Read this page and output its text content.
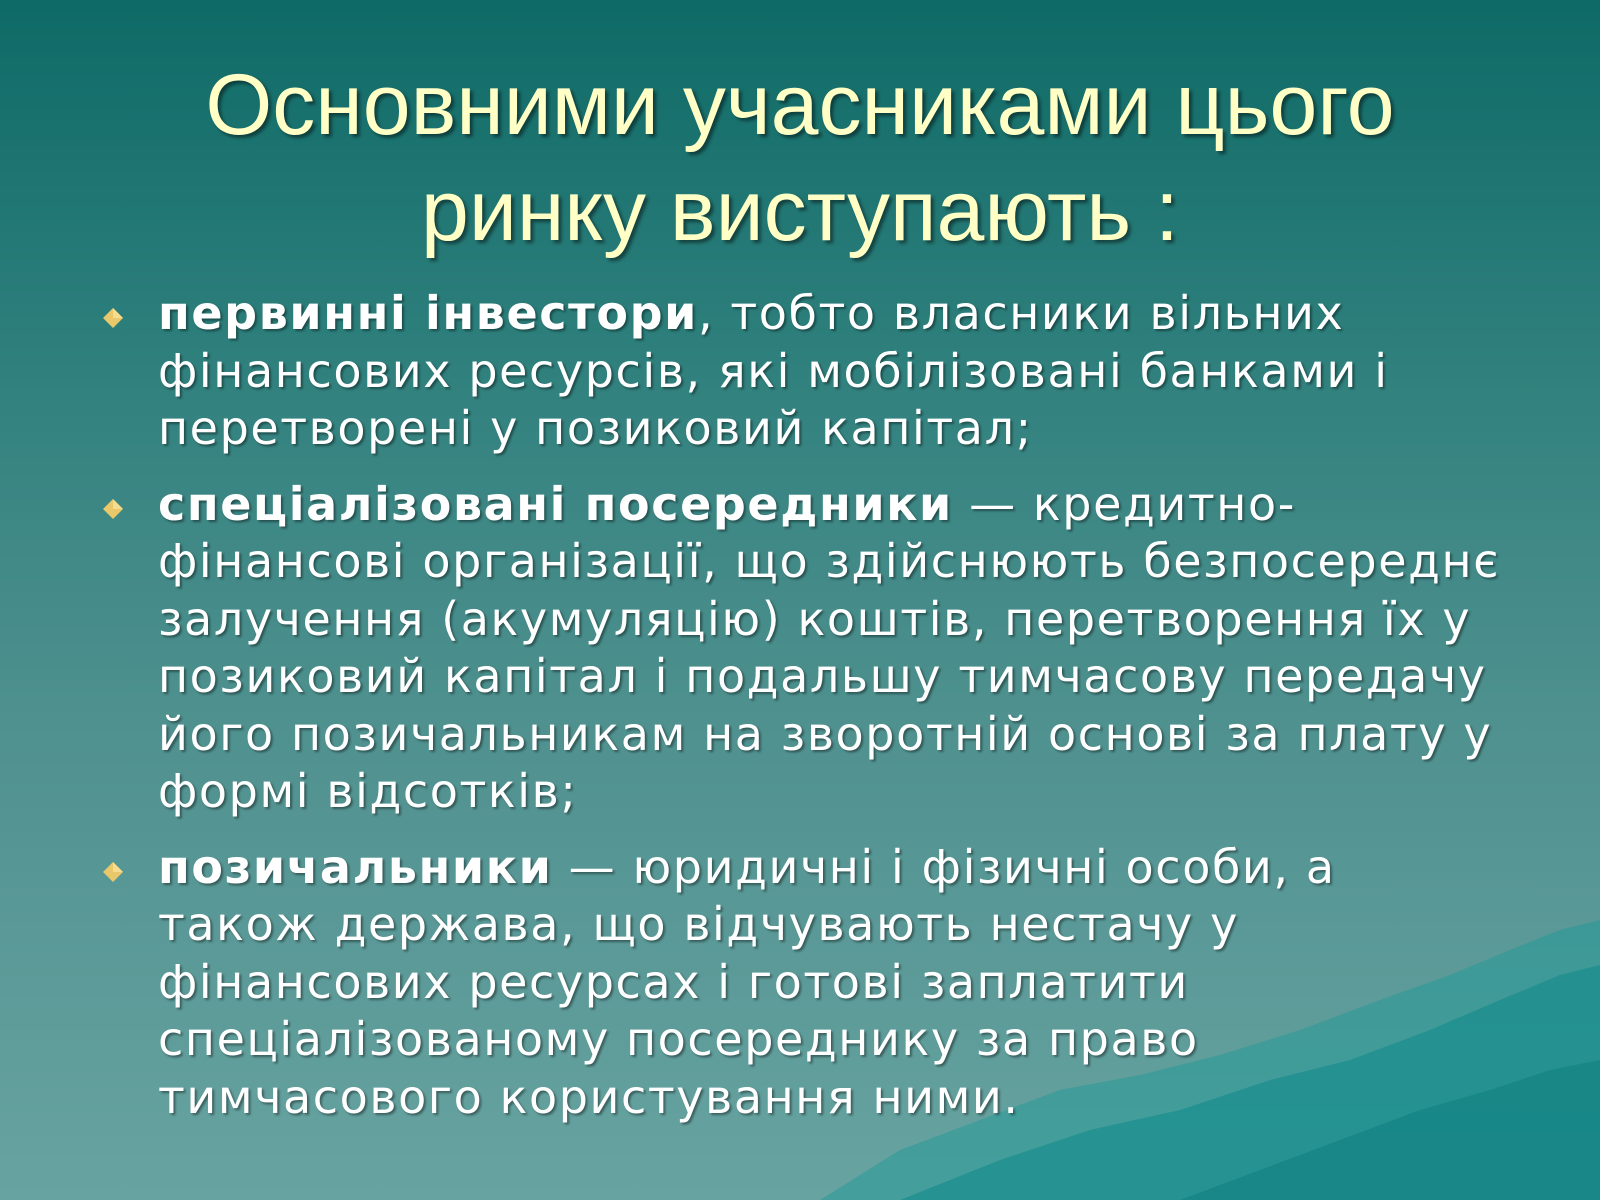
Основними учасниками цього
ринку виступають :
первинні інвестори, тобто власники вільних фінансових ресурсів, які мобілізовані банками і перетворені у позиковий капітал;
спеціалізовані посередники — кредитно-фінансові організації, що здійснюють безпосереднє залучення (акумуляцію) коштів, перетворення їх у позиковий капітал і подальшу тимчасову передачу його позичальникам на зворотній основі за плату у формі відсотків;
позичальники — юридичні і фізичні особи, а також держава, що відчувають нестачу у фінансових ресурсах і готові заплатити спеціалізованому посереднику за право тимчасового користування ними.
